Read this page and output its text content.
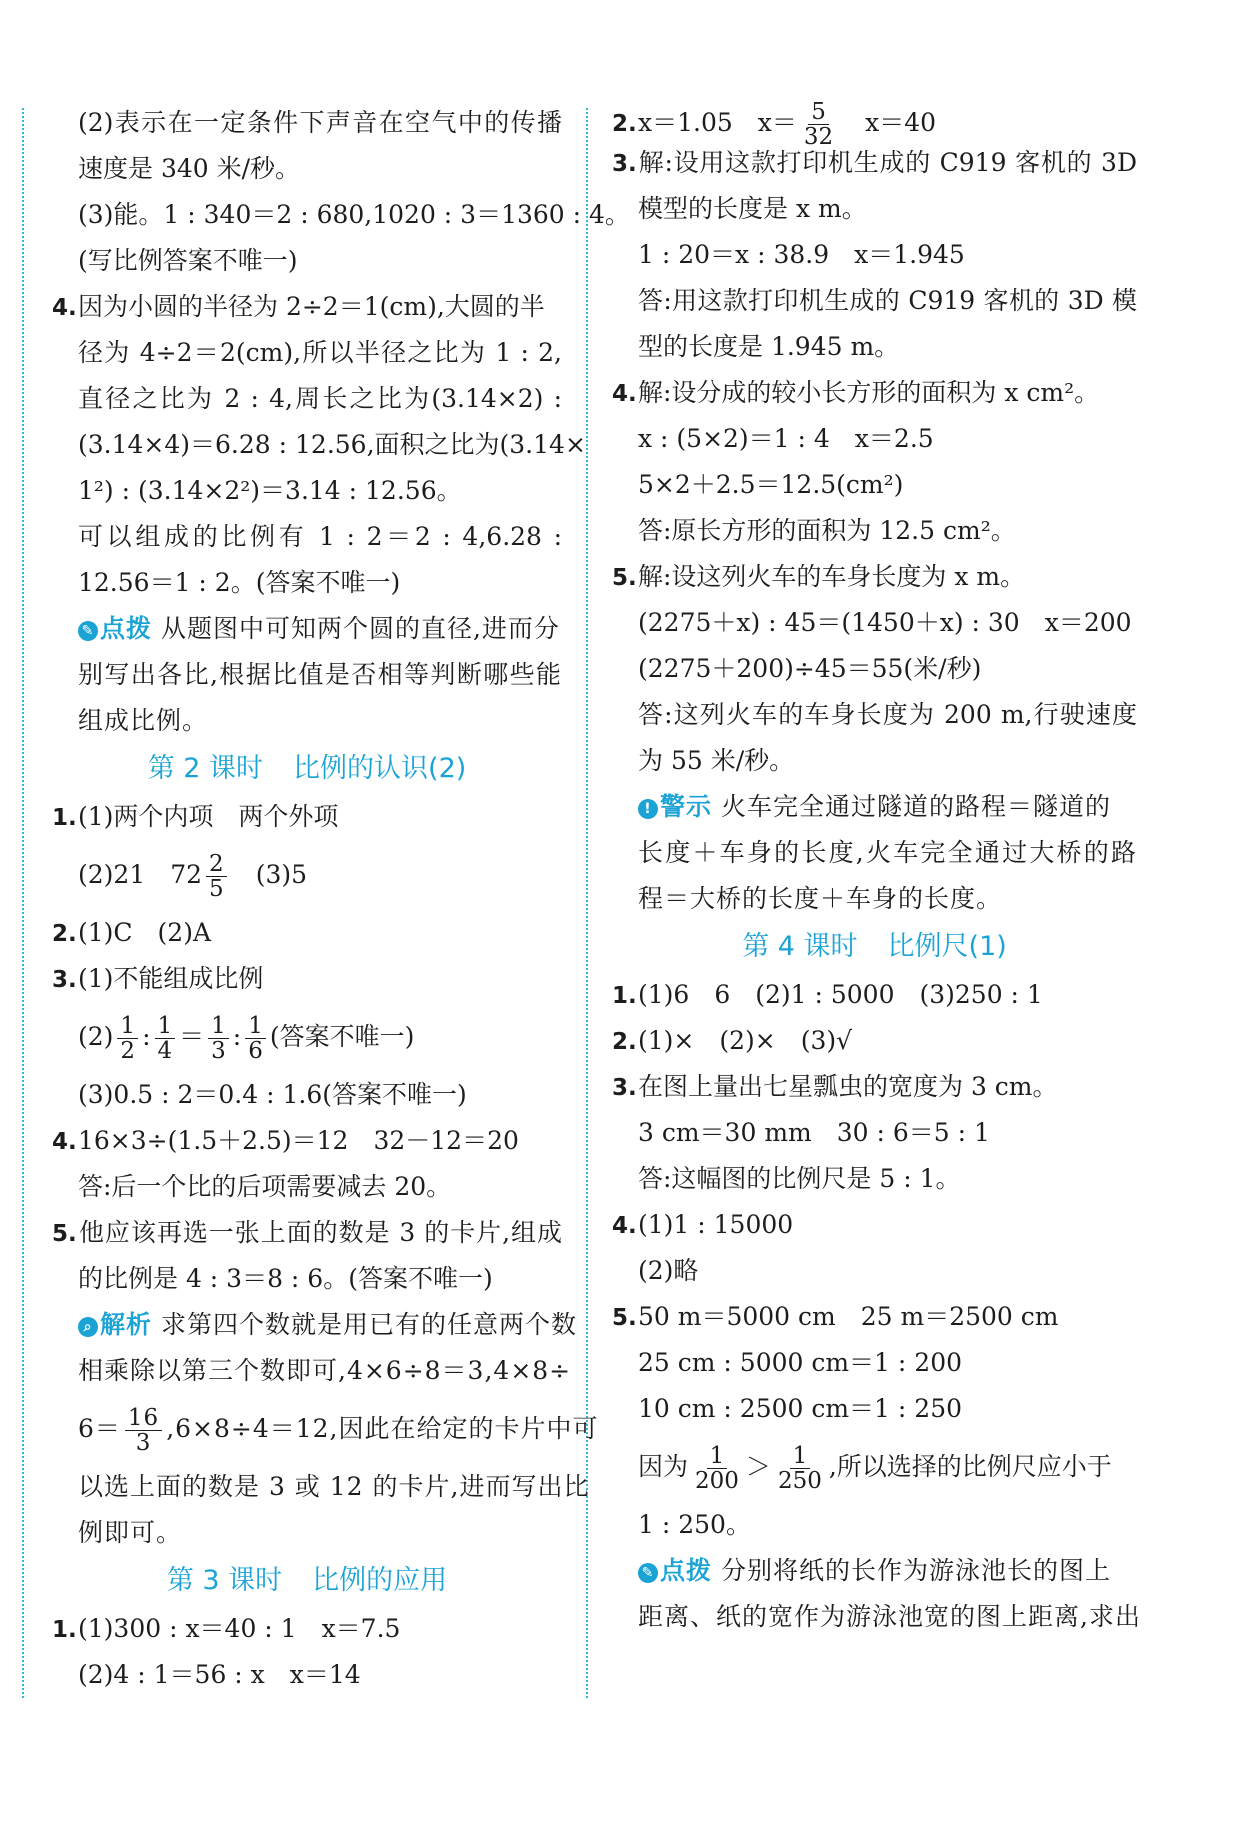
(2)表示在一定条件下声音在空气中的传播
速度是 340 米/秒。
(3)能。1 : 340＝2 : 680,1020 : 3＝1360 : 4。
(写比例答案不唯一)
4.因为小圆的半径为 2÷2＝1(cm),大圆的半
径为 4÷2＝2(cm),所以半径之比为 1 : 2,
直径之比为 2 : 4,周长之比为(3.14×2) :
(3.14×4)＝6.28 : 12.56,面积之比为(3.14×
1²) : (3.14×2²)＝3.14 : 12.56。
可以组成的比例有 1 : 2＝2 : 4,6.28 :
12.56＝1 : 2。(答案不唯一)
✎ 点拨 从题图中可知两个圆的直径,进而分
别写出各比,根据比值是否相等判断哪些能
组成比例。
第 2 课时 比例的认识(2)
1.(1)两个内项　两个外项
(2)21　$72 \frac{2}{5}$
　 (3)5
2.(1)C　(2)A
3.(1)不能组成比例
$(2) \frac{1}{2}$ : $\frac{1}{4} = \frac{1}{3}$ : $\frac{1}{6}$ (答案不唯一)
(3)0.5 : 2＝0.4 : 1.6(答案不唯一)
4.16×3÷(1.5＋2.5)＝12　32－12＝20
答:后一个比的后项需要减去 20。
5.他应该再选一张上面的数是 3 的卡片,组成
的比例是 4 : 3＝8 : 6。(答案不唯一)
⌕ 解析 求第四个数就是用已有的任意两个数
相乘除以第三个数即可,4×6÷8＝3,4×8÷
$6= \frac{16}{3} ,6\times 8\div 4=12$,因此在给定的卡片中可
以选上面的数是 3 或 12 的卡片,进而写出比
例即可。
第 3 课时 比例的应用
1.(1)300 : x＝40 : 1　x＝7.5
(2)4 : 1＝56 : x　x＝14
2.x＝1.05　$x= \frac{5}{32}$
　 x＝40
3.解:设用这款打印机生成的 C919 客机的 3D
模型的长度是 x m。
1 : 20＝x : 38.9　x＝1.945
答:用这款打印机生成的 C919 客机的 3D 模
型的长度是 1.945 m。
4.解:设分成的较小长方形的面积为 x cm²。
x : (5×2)＝1 : 4　x＝2.5
5×2＋2.5＝12.5(cm²)
答:原长方形的面积为 12.5 cm²。
5.解:设这列火车的车身长度为 x m。
(2275＋x) : 45＝(1450＋x) : 30　x＝200
(2275＋200)÷45＝55(米/秒)
答:这列火车的车身长度为 200 m,行驶速度
为 55 米/秒。
! 警示 火车完全通过隧道的路程＝隧道的
长度＋车身的长度,火车完全通过大桥的路
程＝大桥的长度＋车身的长度。
第 4 课时 比例尺(1)
1.(1)6　6　(2)1 : 5000　(3)250 : 1
2.(1)×　(2)×　(3)√
3.在图上量出七星瓢虫的宽度为 3 cm。
3 cm＝30 mm　30 : 6＝5 : 1
答:这幅图的比例尺是 5 : 1。
4.(1)1 : 15000
(2)略
5.50 m＝5000 cm　25 m＝2500 cm
25 cm : 5000 cm＝1 : 200
10 cm : 2500 cm＝1 : 250
因为 $\frac{1}{200} > \frac{1}{250}$ ,所以选择的比例尺应小于
1 : 250。
✎ 点拨 分别将纸的长作为游泳池长的图上
距离、纸的宽作为游泳池宽的图上距离,求出
